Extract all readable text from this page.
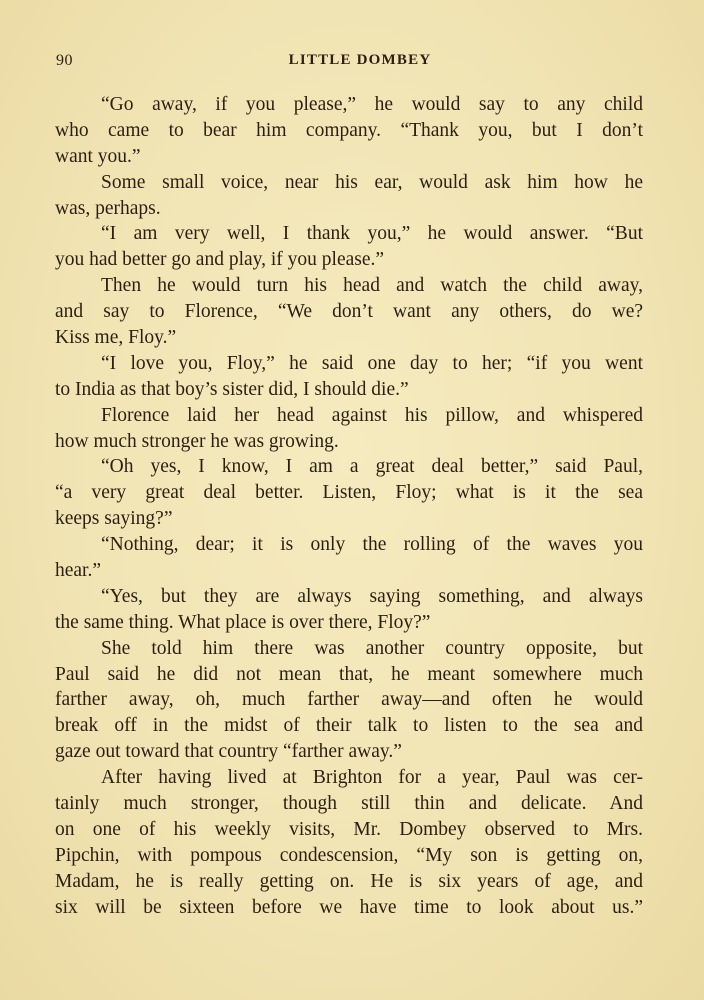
90	LITTLE DOMBEY
“Go away, if you please,” he would say to any child
who came to bear him company. “Thank you, but I don’t
want you.”
Some small voice, near his ear, would ask him how he
was, perhaps.
“I am very well, I thank you,” he would answer. “But
you had better go and play, if you please.”
Then he would turn his head and watch the child away,
and say to Florence, “We don’t want any others, do we?
Kiss me, Floy.”
“I love you, Floy,” he said one day to her; “if you went
to India as that boy’s sister did, I should die.”
Florence laid her head against his pillow, and whispered
how much stronger he was growing.
“Oh yes, I know, I am a great deal better,” said Paul,
“a very great deal better. Listen, Floy; what is it the sea
keeps saying?”
“Nothing, dear; it is only the rolling of the waves you
hear.”
“Yes, but they are always saying something, and always
the same thing. What place is over there, Floy?”
She told him there was another country opposite, but
Paul said he did not mean that, he meant somewhere much
farther away, oh, much farther away—and often he would
break off in the midst of their talk to listen to the sea and
gaze out toward that country “farther away.”
After having lived at Brighton for a year, Paul was cer-
tainly much stronger, though still thin and delicate. And
on one of his weekly visits, Mr. Dombey observed to Mrs.
Pipchin, with pompous condescension, “My son is getting on,
Madam, he is really getting on. He is six years of age, and
six will be sixteen before we have time to look about us.”
